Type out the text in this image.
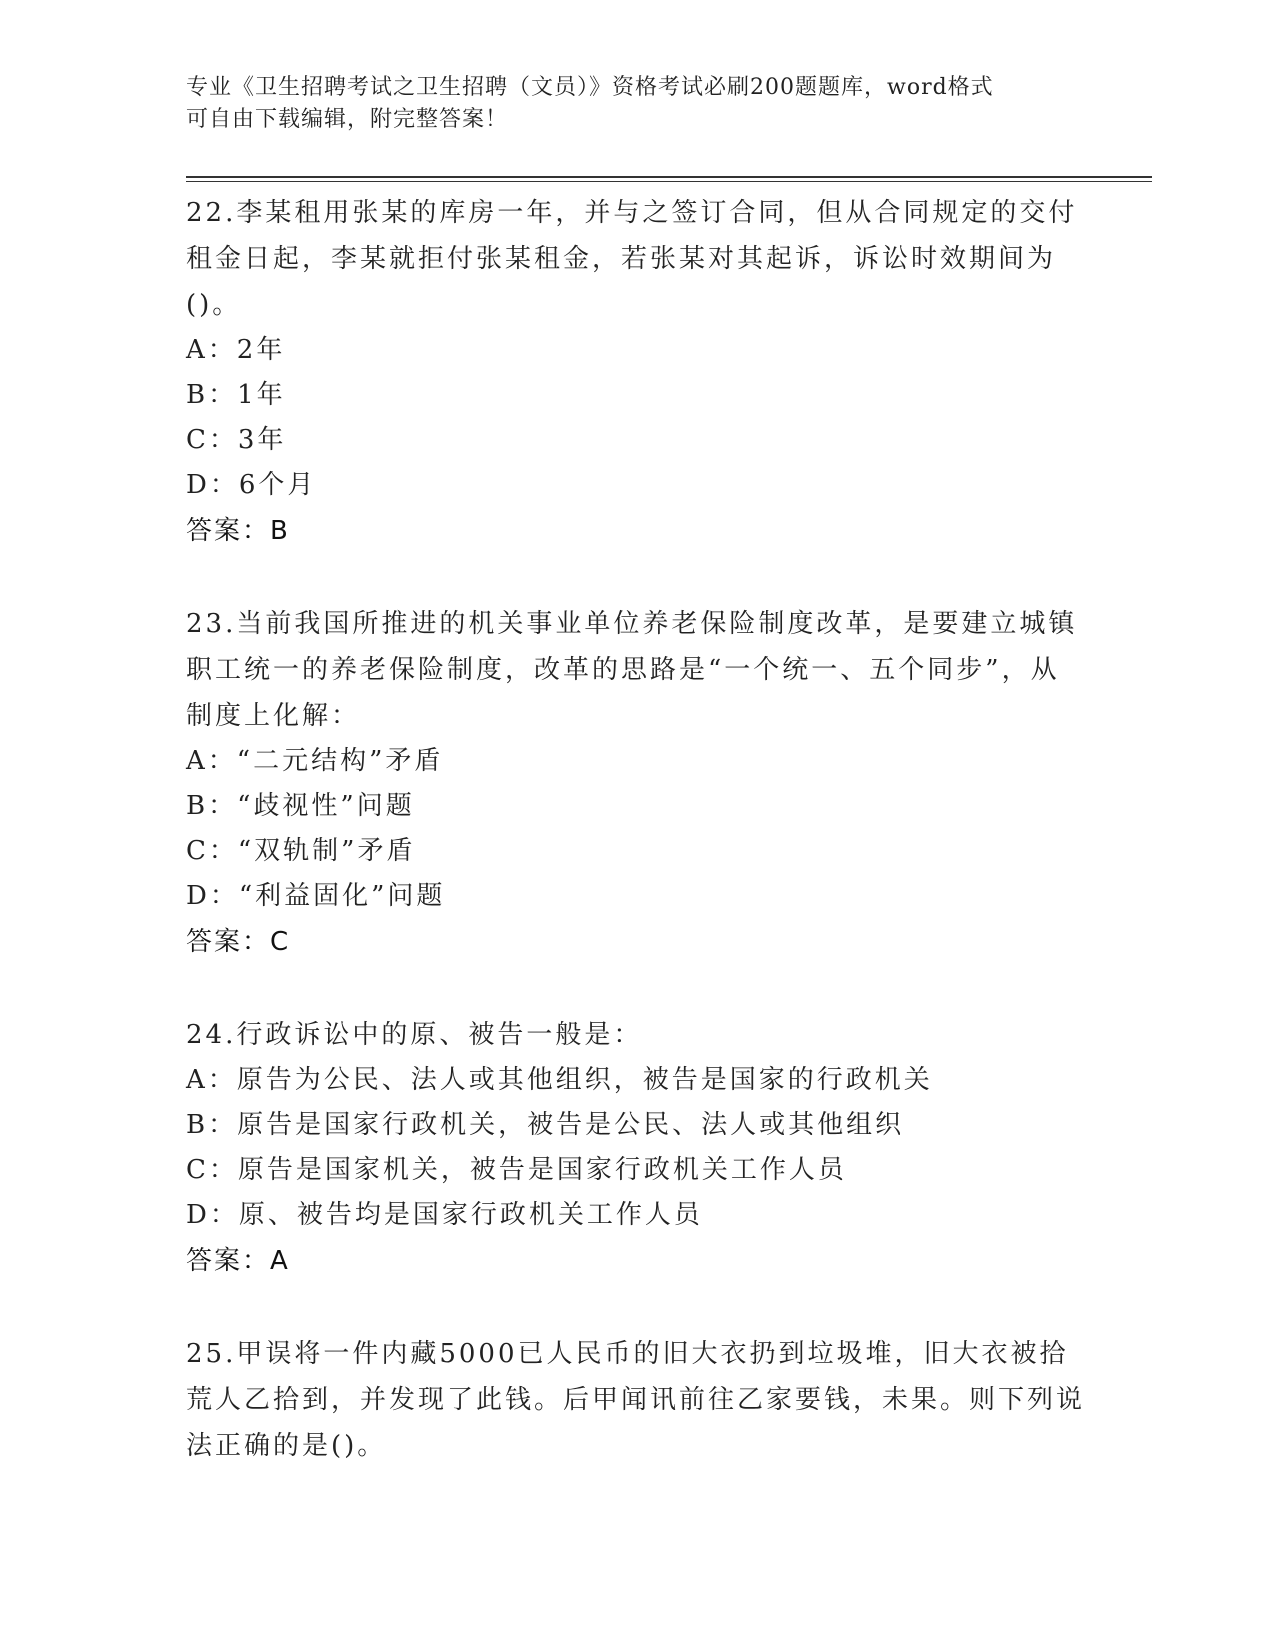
专业《卫生招聘考试之卫生招聘（文员）》资格考试必刷200题题库，word格式
可自由下载编辑，附完整答案！
22.李某租用张某的库房一年，并与之签订合同，但从合同规定的交付租金日起，李某就拒付张某租金，若张某对其起诉，诉讼时效期间为()。
A：2年
B：1年
C：3年
D：6个月
答案：B
23.当前我国所推进的机关事业单位养老保险制度改革，是要建立城镇职工统一的养老保险制度，改革的思路是“一个统一、五个同步”，从制度上化解：
A：“二元结构”矛盾
B：“歧视性”问题
C：“双轨制”矛盾
D：“利益固化”问题
答案：C
24.行政诉讼中的原、被告一般是：
A：原告为公民、法人或其他组织，被告是国家的行政机关
B：原告是国家行政机关，被告是公民、法人或其他组织
C：原告是国家机关，被告是国家行政机关工作人员
D：原、被告均是国家行政机关工作人员
答案：A
25.甲误将一件内藏5000已人民币的旧大衣扔到垃圾堆，旧大衣被拾荒人乙拾到，并发现了此钱。后甲闻讯前往乙家要钱，未果。则下列说法正确的是()。
